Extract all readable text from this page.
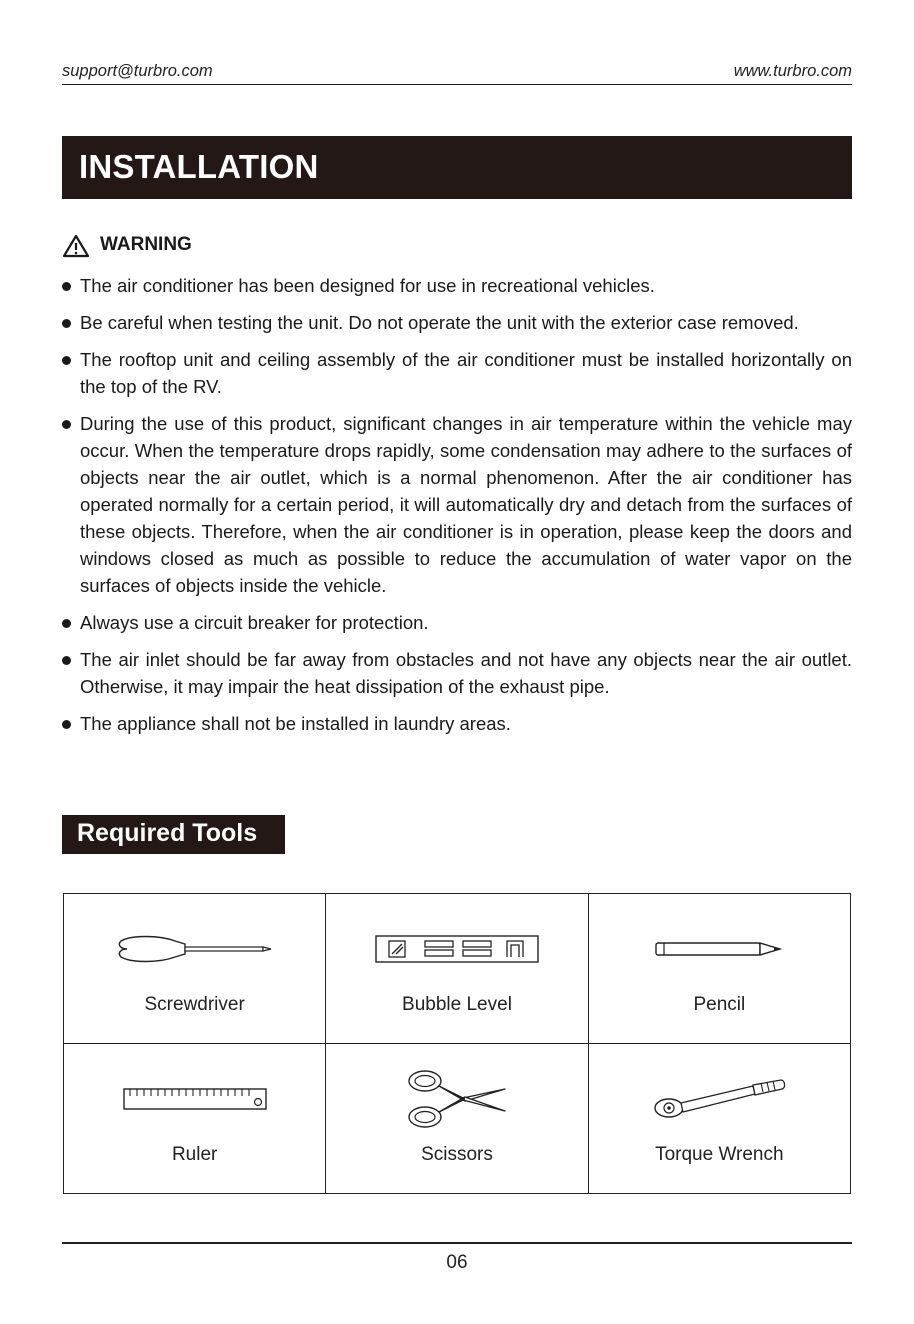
support@turbro.com	www.turbro.com
INSTALLATION
WARNING
The air conditioner has been designed for use in recreational vehicles.
Be careful when testing the unit. Do not operate the unit with the exterior case removed.
The rooftop unit and ceiling assembly of the air conditioner must be installed horizontally on the top of the RV.
During the use of this product, significant changes in air temperature within the vehicle may occur. When the temperature drops rapidly, some condensation may adhere to the surfaces of objects near the air outlet, which is a normal phenomenon. After the air conditioner has operated normally for a certain period, it will automatically dry and detach from the surfaces of these objects. Therefore, when the air conditioner is in operation, please keep the doors and windows closed as much as possible to reduce the accumulation of water vapor on the surfaces of objects inside the vehicle.
Always use a circuit breaker for protection.
The air inlet should be far away from obstacles and not have any objects near the air outlet. Otherwise, it may impair the heat dissipation of the exhaust pipe.
The appliance shall not be installed in laundry areas.
Required Tools
Screwdriver	Bubble Level	Pencil

Ruler	Scissors	Torque Wrench
06
